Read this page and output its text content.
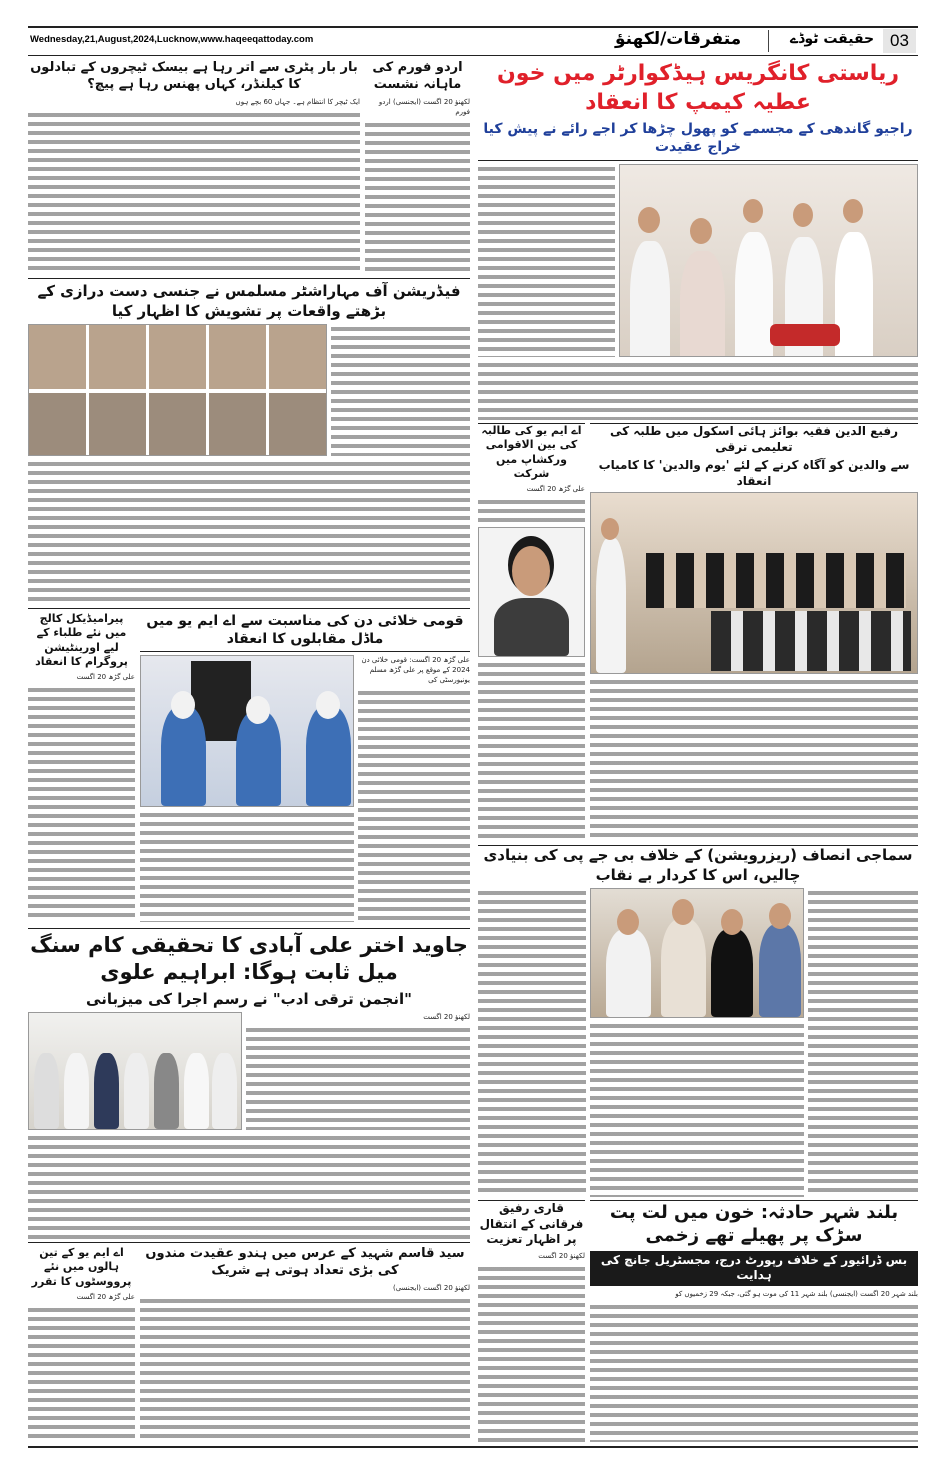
Wednesday,21,August,2024,Lucknow,www.haqeeqattoday.com	متفرقات/لکھنؤ	حقیقت ٹوڈے 03
ریاستی کانگریس ہیڈکوارٹر میں خون عطیہ کیمپ کا انعقاد
راجیو گاندھی کے مجسمے کو پھول چڑھا کر اجے رائے نے پیش کیا خراج عقیدت
اردو فورم کی ماہانہ نشست
لکھنؤ 20 اگست (ایجنسی) اردو فورم
بار بار پٹری سے اتر رہا ہے بیسک ٹیچروں کے تبادلوں کا کیلنڈر، کہاں پھنس رہا ہے پیچ؟
ایک ٹیچر کا انتظام ہے۔ جہاں 60 بچے ہوں
فیڈریشن آف مہاراشٹر مسلمس نے جنسی دست درازی کے بڑھتے واقعات پر تشویش کا اظہار کیا
رفیع الدین فقیہ بوائز ہائی اسکول میں طلبہ کی تعلیمی ترقی
سے والدین کو آگاہ کرنے کے لئے 'یوم والدین' کا کامیاب انعقاد
اے ایم یو کی طالبہ کی بین الاقوامی ورکشاپ میں شرکت
علی گڑھ 20 اگست
قومی خلائی دن کی مناسبت سے اے ایم یو میں ماڈل مقابلوں کا انعقاد
علی گڑھ 20 اگست: قومی خلائی دن 2024 کے موقع پر علی گڑھ مسلم یونیورسٹی کی
پیرامیڈیکل کالج میں نئے طلباء کے لیے اورینٹیشن پروگرام کا انعقاد
علی گڑھ 20 اگست
سماجی انصاف (ریزرویشن) کے خلاف بی جے پی کی بنیادی چالیں، اس کا کردار بے نقاب
جاوید اختر علی آبادی کا تحقیقی کام سنگ میل ثابت ہوگا: ابراہیم علوی
"انجمن ترقی ادب" نے رسم اجرا کی میزبانی
لکھنؤ 20 اگست
بلند شہر حادثہ: خون میں لت پت سڑک پر پھیلے تھے زخمی
بس ڈرائیور کے خلاف رپورٹ درج، مجسٹریل جانچ کی ہدایت
بلند شہر 20 اگست (ایجنسی) بلند شہر 11 کی موت ہو گئی، جبکہ 29 زخمیوں کو
قاری رفیق فرقانی کے انتقال پر اظہار تعزیت
لکھنؤ 20 اگست
سید قاسم شہید کے عرس میں ہندو عقیدت مندوں کی بڑی تعداد ہوتی ہے شریک
لکھنؤ 20 اگست (ایجنسی)
اے ایم یو کے تین ہالوں میں نئے پرووسٹوں کا تقرر
علی گڑھ 20 اگست
